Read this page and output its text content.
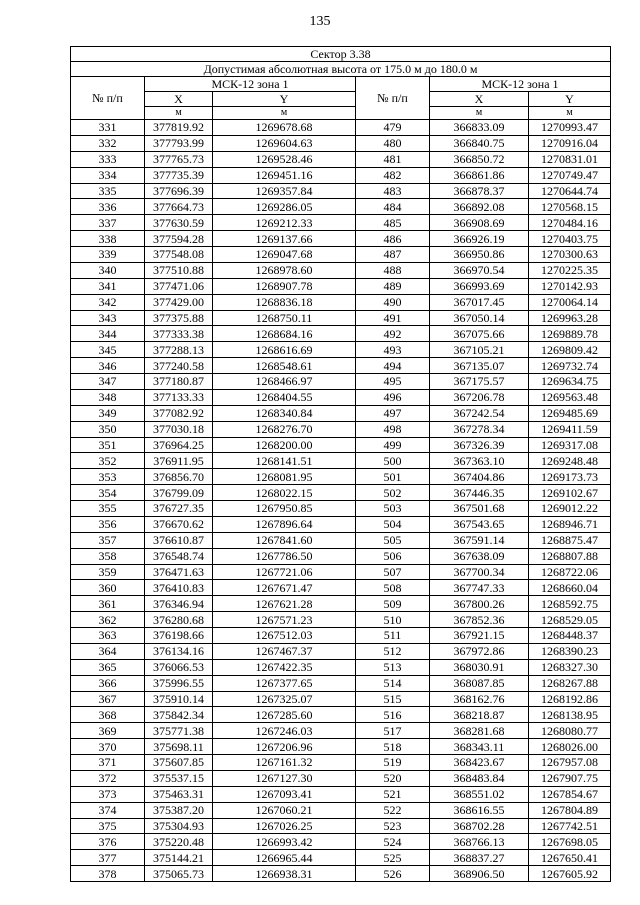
135
Сектор 3.38					
Допустимая абсолютная высота от 175.0 м до 180.0 м					
№ п/п	МСК-12 зона 1		№ п/п	МСК-12 зона 1	
	X	Y		X	Y
	м	м		м	м
331	377819.92	1269678.68	479	366833.09	1270993.47
332	377793.99	1269604.63	480	366840.75	1270916.04
333	377765.73	1269528.46	481	366850.72	1270831.01
334	377735.39	1269451.16	482	366861.86	1270749.47
335	377696.39	1269357.84	483	366878.37	1270644.74
336	377664.73	1269286.05	484	366892.08	1270568.15
337	377630.59	1269212.33	485	366908.69	1270484.16
338	377594.28	1269137.66	486	366926.19	1270403.75
339	377548.08	1269047.68	487	366950.86	1270300.63
340	377510.88	1268978.60	488	366970.54	1270225.35
341	377471.06	1268907.78	489	366993.69	1270142.93
342	377429.00	1268836.18	490	367017.45	1270064.14
343	377375.88	1268750.11	491	367050.14	1269963.28
344	377333.38	1268684.16	492	367075.66	1269889.78
345	377288.13	1268616.69	493	367105.21	1269809.42
346	377240.58	1268548.61	494	367135.07	1269732.74
347	377180.87	1268466.97	495	367175.57	1269634.75
348	377133.33	1268404.55	496	367206.78	1269563.48
349	377082.92	1268340.84	497	367242.54	1269485.69
350	377030.18	1268276.70	498	367278.34	1269411.59
351	376964.25	1268200.00	499	367326.39	1269317.08
352	376911.95	1268141.51	500	367363.10	1269248.48
353	376856.70	1268081.95	501	367404.86	1269173.73
354	376799.09	1268022.15	502	367446.35	1269102.67
355	376727.35	1267950.85	503	367501.68	1269012.22
356	376670.62	1267896.64	504	367543.65	1268946.71
357	376610.87	1267841.60	505	367591.14	1268875.47
358	376548.74	1267786.50	506	367638.09	1268807.88
359	376471.63	1267721.06	507	367700.34	1268722.06
360	376410.83	1267671.47	508	367747.33	1268660.04
361	376346.94	1267621.28	509	367800.26	1268592.75
362	376280.68	1267571.23	510	367852.36	1268529.05
363	376198.66	1267512.03	511	367921.15	1268448.37
364	376134.16	1267467.37	512	367972.86	1268390.23
365	376066.53	1267422.35	513	368030.91	1268327.30
366	375996.55	1267377.65	514	368087.85	1268267.88
367	375910.14	1267325.07	515	368162.76	1268192.86
368	375842.34	1267285.60	516	368218.87	1268138.95
369	375771.38	1267246.03	517	368281.68	1268080.77
370	375698.11	1267206.96	518	368343.11	1268026.00
371	375607.85	1267161.32	519	368423.67	1267957.08
372	375537.15	1267127.30	520	368483.84	1267907.75
373	375463.31	1267093.41	521	368551.02	1267854.67
374	375387.20	1267060.21	522	368616.55	1267804.89
375	375304.93	1267026.25	523	368702.28	1267742.51
376	375220.48	1266993.42	524	368766.13	1267698.05
377	375144.21	1266965.44	525	368837.27	1267650.41
378	375065.73	1266938.31	526	368906.50	1267605.92
